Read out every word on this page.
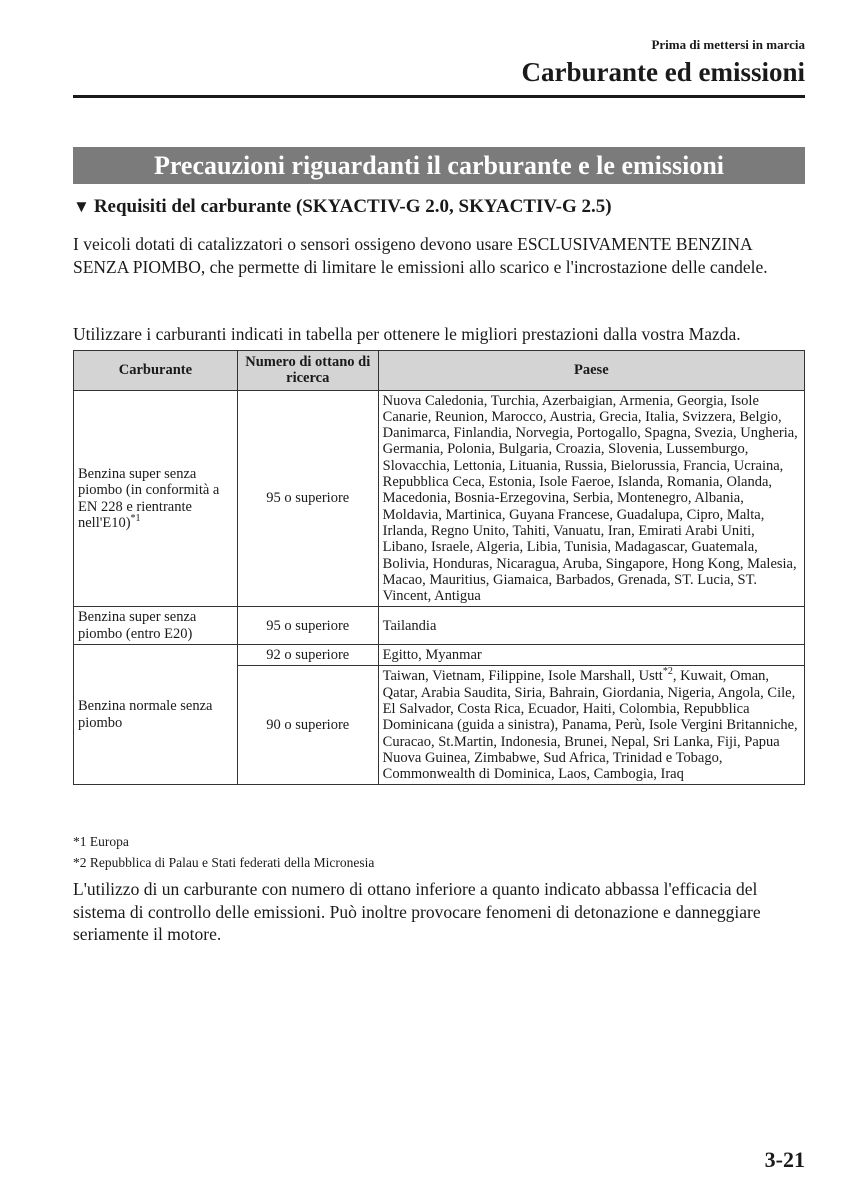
Prima di mettersi in marcia
Carburante ed emissioni
Precauzioni riguardanti il carburante e le emissioni
▼ Requisiti del carburante (SKYACTIV-G 2.0, SKYACTIV-G 2.5)
I veicoli dotati di catalizzatori o sensori ossigeno devono usare ESCLUSIVAMENTE BENZINA SENZA PIOMBO, che permette di limitare le emissioni allo scarico e l'incrostazione delle candele.
Utilizzare i carburanti indicati in tabella per ottenere le migliori prestazioni dalla vostra Mazda.
Carburante	Numero di ottano di ricerca	Paese
Benzina super senza piombo (in conformità a EN 228 e rientrante nell'E10)$^{*1}$	95 o superiore	Nuova Caledonia, Turchia, Azerbaigian, Armenia, Georgia, Isole Canarie, Reunion, Marocco, Austria, Grecia, Italia, Svizzera, Belgio, Danimarca, Finlandia, Norvegia, Portogallo, Spagna, Svezia, Ungheria, Germania, Polonia, Bulgaria, Croazia, Slovenia, Lussemburgo, Slovacchia, Lettonia, Lituania, Russia, Bielorussia, Francia, Ucraina, Repubblica Ceca, Estonia, Isole Faeroe, Islanda, Romania, Olanda, Macedonia, Bosnia-Erzegovina, Serbia, Montenegro, Albania, Moldavia, Martinica, Guyana Francese, Guadalupa, Cipro, Malta, Irlanda, Regno Unito, Tahiti, Vanuatu, Iran, Emirati Arabi Uniti, Libano, Israele, Algeria, Libia, Tunisia, Madagascar, Guatemala, Bolivia, Honduras, Nicaragua, Aruba, Singapore, Hong Kong, Malesia, Macao, Mauritius, Giamaica, Barbados, Grenada, ST. Lucia, ST. Vincent, Antigua
Benzina super senza piombo (entro E20)	95 o superiore	Tailandia
Benzina normale senza piombo	92 o superiore	Egitto, Myanmar
	90 o superiore	Taiwan, Vietnam, Filippine, Isole Marshall, Ustt$^{*2}$, Kuwait, Oman, Qatar, Arabia Saudita, Siria, Bahrain, Giordania, Nigeria, Angola, Cile, El Salvador, Costa Rica, Ecuador, Haiti, Colombia, Repubblica Dominicana (guida a sinistra), Panama, Perù, Isole Vergini Britanniche, Curacao, St.Martin, Indonesia, Brunei, Nepal, Sri Lanka, Fiji, Papua Nuova Guinea, Zimbabwe, Sud Africa, Trinidad e Tobago, Commonwealth di Dominica, Laos, Cambogia, Iraq
*1 Europa
*2 Repubblica di Palau e Stati federati della Micronesia
L'utilizzo di un carburante con numero di ottano inferiore a quanto indicato abbassa l'efficacia del sistema di controllo delle emissioni. Può inoltre provocare fenomeni di detonazione e danneggiare seriamente il motore.
3-21
